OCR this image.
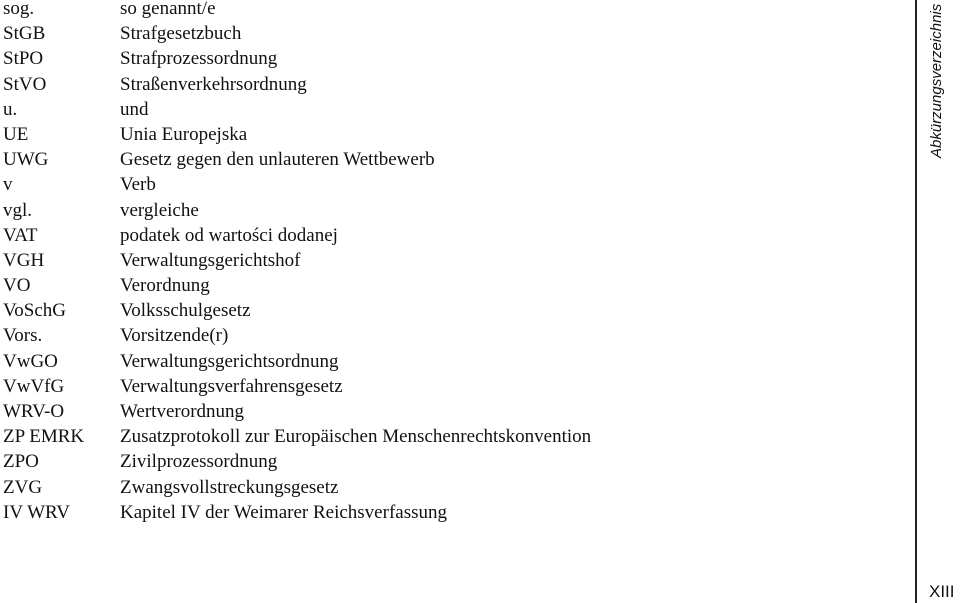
sog.	so genannt/e
StGB	Strafgesetzbuch
StPO	Strafprozessordnung
StVO	Straßenverkehrsordnung
u.	und
UE	Unia Europejska
UWG	Gesetz gegen den unlauteren Wettbewerb
v	Verb
vgl.	vergleiche
VAT	podatek od wartości dodanej
VGH	Verwaltungsgerichtshof
VO	Verordnung
VoSchG	Volksschulgesetz
Vors.	Vorsitzende(r)
VwGO	Verwaltungsgerichtsordnung
VwVfG	Verwaltungsverfahrensgesetz
WRV-O	Wertverordnung
ZP EMRK	Zusatzprotokoll zur Europäischen Menschenrechtskonvention
ZPO	Zivilprozessordnung
ZVG	Zwangsvollstreckungsgesetz
IV WRV	Kapitel IV der Weimarer Reichsverfassung
Abkürzungsverzeichnis
XIII
